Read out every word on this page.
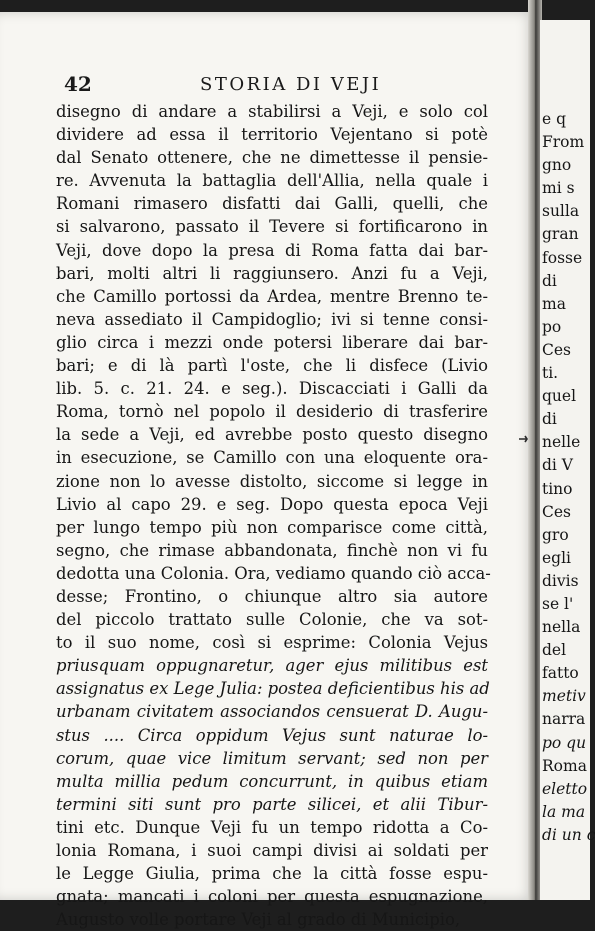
42	STORIA DI VEJI
disegno di andare a stabilirsi a Veji, e solo col
dividere ad essa il territorio Vejentano si potè
dal Senato ottenere, che ne dimettesse il pensie-
re. Avvenuta la battaglia dell'Allia, nella quale i
Romani rimasero disfatti dai Galli, quelli, che
si salvarono, passato il Tevere si fortificarono in
Veji, dove dopo la presa di Roma fatta dai bar-
bari, molti altri li raggiunsero. Anzi fu a Veji,
che Camillo portossi da Ardea, mentre Brenno te-
neva assediato il Campidoglio; ivi si tenne consi-
glio circa i mezzi onde potersi liberare dai bar-
bari; e di là partì l'oste, che li disfece (Livio
lib. 5. c. 21. 24. e seg.). Discacciati i Galli da
Roma, tornò nel popolo il desiderio di trasferire
la sede a Veji, ed avrebbe posto questo disegno
in esecuzione, se Camillo con una eloquente ora-
zione non lo avesse distolto, siccome si legge in
Livio al capo 29. e seg. Dopo questa epoca Veji
per lungo tempo più non comparisce come città,
segno, che rimase abbandonata, finchè non vi fu
dedotta una Colonia. Ora, vediamo quando ciò acca-
desse; Frontino, o chiunque altro sia autore
del piccolo trattato sulle Colonie, che va sot-
to il suo nome, così si esprime: Colonia Vejus
priusquam oppugnaretur, ager ejus militibus est
assignatus ex Lege Julia: postea deficientibus his ad
urbanam civitatem associandos censuerat D. Augu-
stus .... Circa oppidum Vejus sunt naturae lo-
corum, quae vice limitum servant; sed non per
multa millia pedum concurrunt, in quibus etiam
termini siti sunt pro parte silicei, et alii Tibur-
tini etc. Dunque Veji fu un tempo ridotta a Co-
lonia Romana, i suoi campi divisi ai soldati per
le Legge Giulia, prima che la città fosse espu-
gnata; mancati i coloni per questa espugnazione,
Augusto volle portare Veji al grado di Municipio,
e q
From
gno
mi s
sulla
gran
fosse
di
ma
po
Ces
ti.
quel
di
nelle
di V
tino
Ces
gro
egli
divis
se l'
nella
del
fatto
metiv
narra
po qu
Roma
eletto
la ma
di un c
